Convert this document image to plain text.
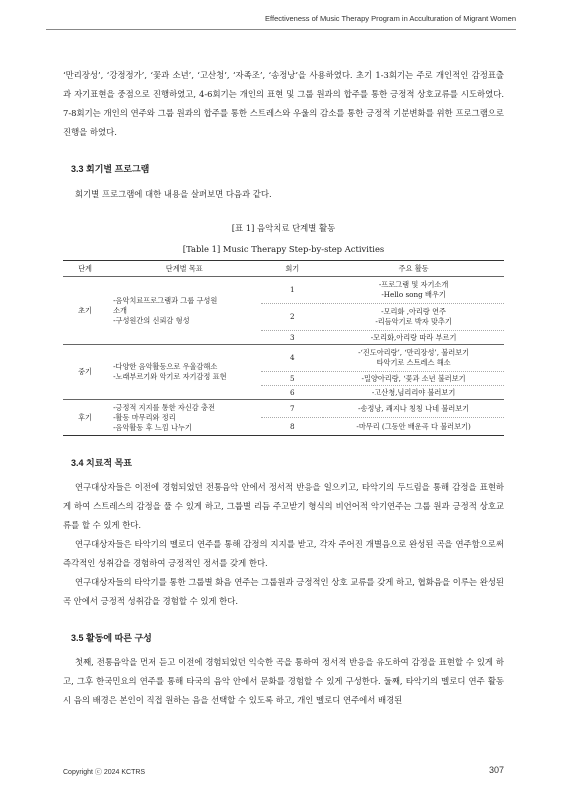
Effectiveness of Music Therapy Program in Acculturation of Migrant Women

‘만리장성’, ‘강정정가’, ‘꽃과 소년’, ‘고산청’, ‘자족조’, ‘송정낭’을 사용하였다. 초기 1-3회기는 주로 개인적인 감정표출과 자기표현을 중점으로 진행하였고, 4-6회기는 개인의 표현 및 그룹 원과의 합주를 통한 긍정적 상호교류를 시도하였다. 7-8회기는 개인의 연주와 그룹 원과의 합주를 통한 스트레스와 우울의 감소를 통한 긍정적 기분변화를 위한 프로그램으로 진행을 하였다.

3.3 회기별 프로그램

회기별 프로그램에 대한 내용을 살펴보면 다음과 같다.

[표 1] 음악치료 단계별 활동
[Table 1] Music Therapy Step-by-step Activities
단계	단계별 목표	회기	주요 활동
초기	-음악치료프로그램과 그룹 구성원
소개
-구성원간의 신뢰감 형성	1	-프로그램 및 자기소개
-Hello song 배우기
		2	-모리화 ,아리랑 연주
-리듬악기로 박자 맞추기
		3	-모리화,아리랑 따라 부르기
중기	-다양한 음악활동으로 우울감해소
-노래부르기와 악기로 자기감정 표현	4	-‘진도아리랑’, ‘만리장성’, 불러보기
타악기로 스트레스 해소
		5	-밀양아리랑, ‘꽃과 소년 불러보기
		6	-고산청,님리리야 불러보기
후기	-긍정적 지지를 통한 자신감 충전
-활동 마무리와 정리
-음악활동 후 느낌 나누기	7	-송정낭, 쾌지나 칭칭 나네 불러보기
		8	-마무리 (그동안 배운곡 다 불러보기)
3.4 치료적 목표

연구대상자들은 이전에 경험되었던 전통음악 안에서 정서적 반응을 일으키고, 타악기의 두드림을 통해 감정을 표현하게 하여 스트레스의 감정을 풀 수 있게 하고, 그룹별 리듬 주고받기 형식의 비언어적 악기연주는 그룹 원과 긍정적 상호교류를 할 수 있게 한다.

연구대상자들은 타악기의 멜로디 연주를 통해 감정의 지지를 받고, 각자 주어진 개별음으로 완성된 곡을 연주함으로써 즉각적인 성취감을 경험하여 긍정적인 정서를 갖게 한다.

연구대상자들의 타악기를 통한 그룹별 화음 연주는 그룹원과 긍정적인 상호 교류를 갖게 하고, 협화음을 이루는 완성된 곡 안에서 긍정적 성취감을 경험할 수 있게 한다.

3.5 활동에 따른 구성

첫째, 전통음악을 먼저 듣고 이전에 경험되었던 익숙한 곡을 통하여 정서적 반응을 유도하여 감정을 표현할 수 있게 하고, 그후 한국민요의 연주를 통해 타국의 음악 안에서 문화를 경험할 수 있게 구성한다. 둘째, 타악기의 멜로디 연주 활동 시 음의 배경은 본인이 직접 원하는 음을 선택할 수 있도록 하고, 개인 멜로디 연주에서 배경된

Copyright ⓒ 2024 KCTRS	307
